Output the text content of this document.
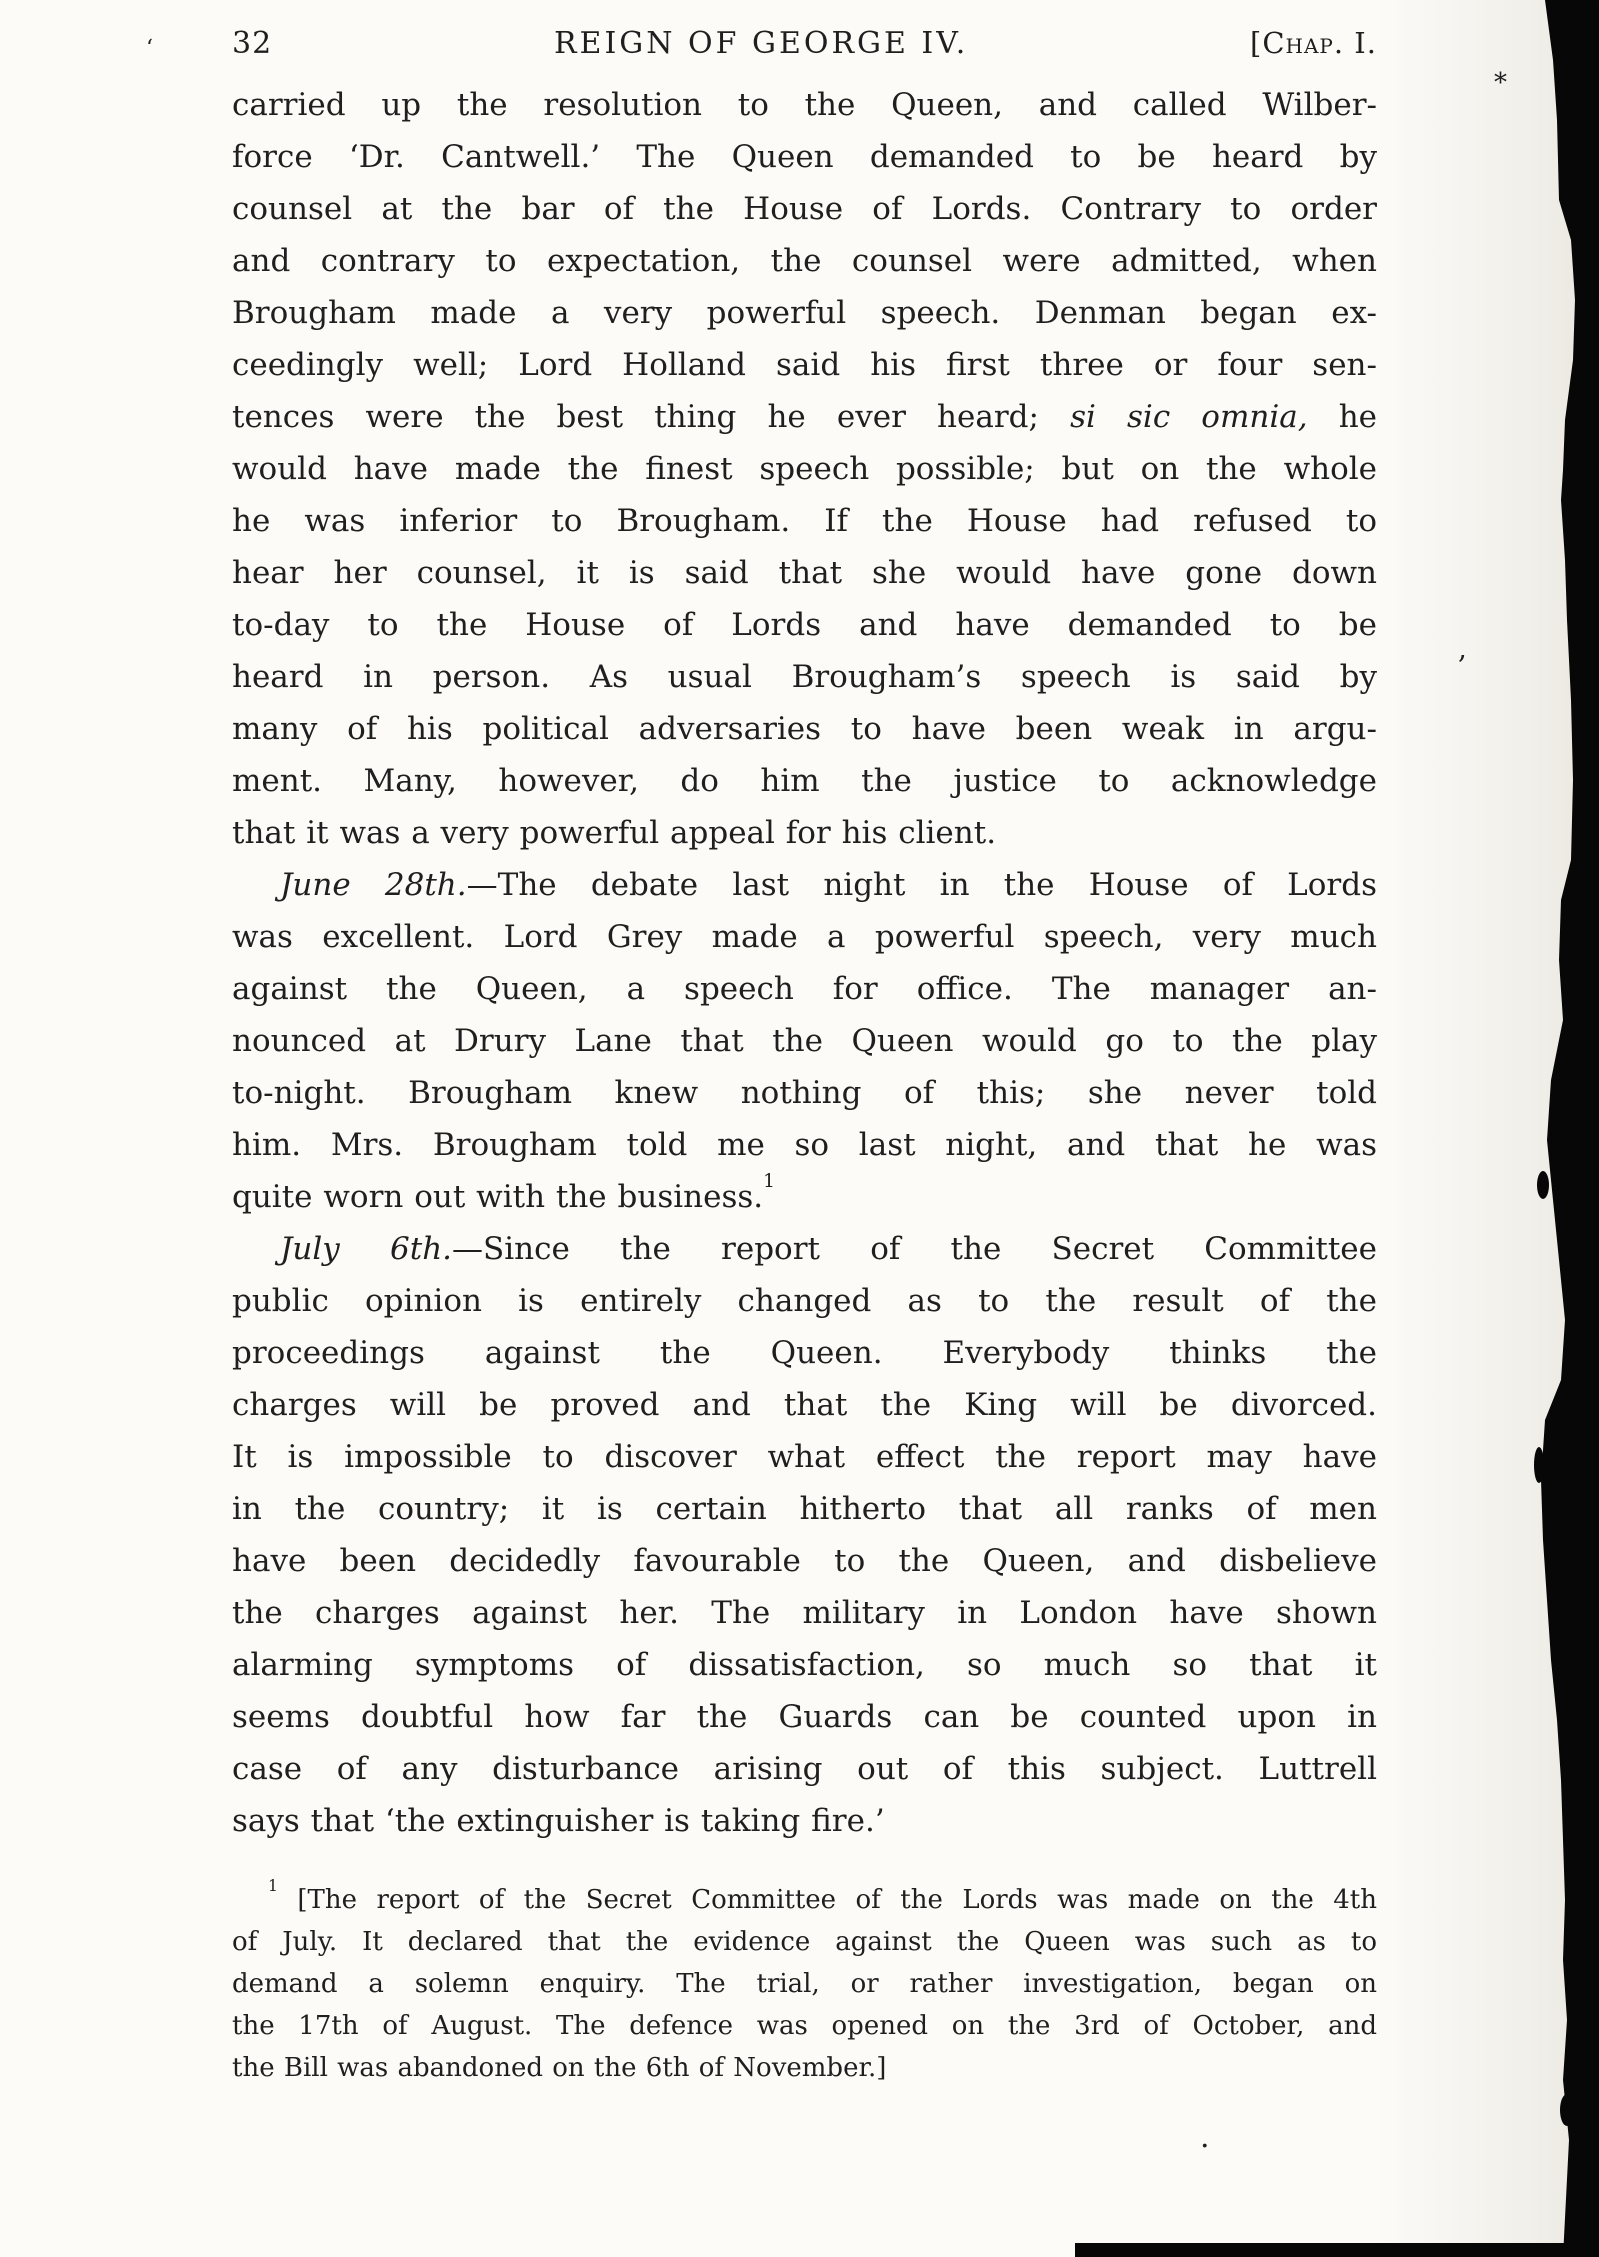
32	REIGN OF GEORGE IV.	[Chap. I.
carried up the resolution to the Queen, and called Wilber-
force ‘Dr. Cantwell.’ The Queen demanded to be heard by
counsel at the bar of the House of Lords. Contrary to order
and contrary to expectation, the counsel were admitted, when
Brougham made a very powerful speech. Denman began ex-
ceedingly well; Lord Holland said his first three or four sen-
tences were the best thing he ever heard; si sic omnia, he
would have made the finest speech possible; but on the whole
he was inferior to Brougham. If the House had refused to
hear her counsel, it is said that she would have gone down
to-day to the House of Lords and have demanded to be
heard in person. As usual Brougham’s speech is said by
many of his political adversaries to have been weak in argu-
ment. Many, however, do him the justice to acknowledge
that it was a very powerful appeal for his client.
June 28th.—The debate last night in the House of Lords
was excellent. Lord Grey made a powerful speech, very much
against the Queen, a speech for office. The manager an-
nounced at Drury Lane that the Queen would go to the play
to-night. Brougham knew nothing of this; she never told
him. Mrs. Brougham told me so last night, and that he was
quite worn out with the business.$^1$
July 6th.—Since the report of the Secret Committee
public opinion is entirely changed as to the result of the
proceedings against the Queen. Everybody thinks the
charges will be proved and that the King will be divorced.
It is impossible to discover what effect the report may have
in the country; it is certain hitherto that all ranks of men
have been decidedly favourable to the Queen, and disbelieve
the charges against her. The military in London have shown
alarming symptoms of dissatisfaction, so much so that it
seems doubtful how far the Guards can be counted upon in
case of any disturbance arising out of this subject. Luttrell
says that ‘the extinguisher is taking fire.’
$^1$ [The report of the Secret Committee of the Lords was made on the 4th
of July. It declared that the evidence against the Queen was such as to
demand a solemn enquiry. The trial, or rather investigation, began on
the 17th of August. The defence was opened on the 3rd of October, and
the Bill was abandoned on the 6th of November.]
*
,
.
‘
